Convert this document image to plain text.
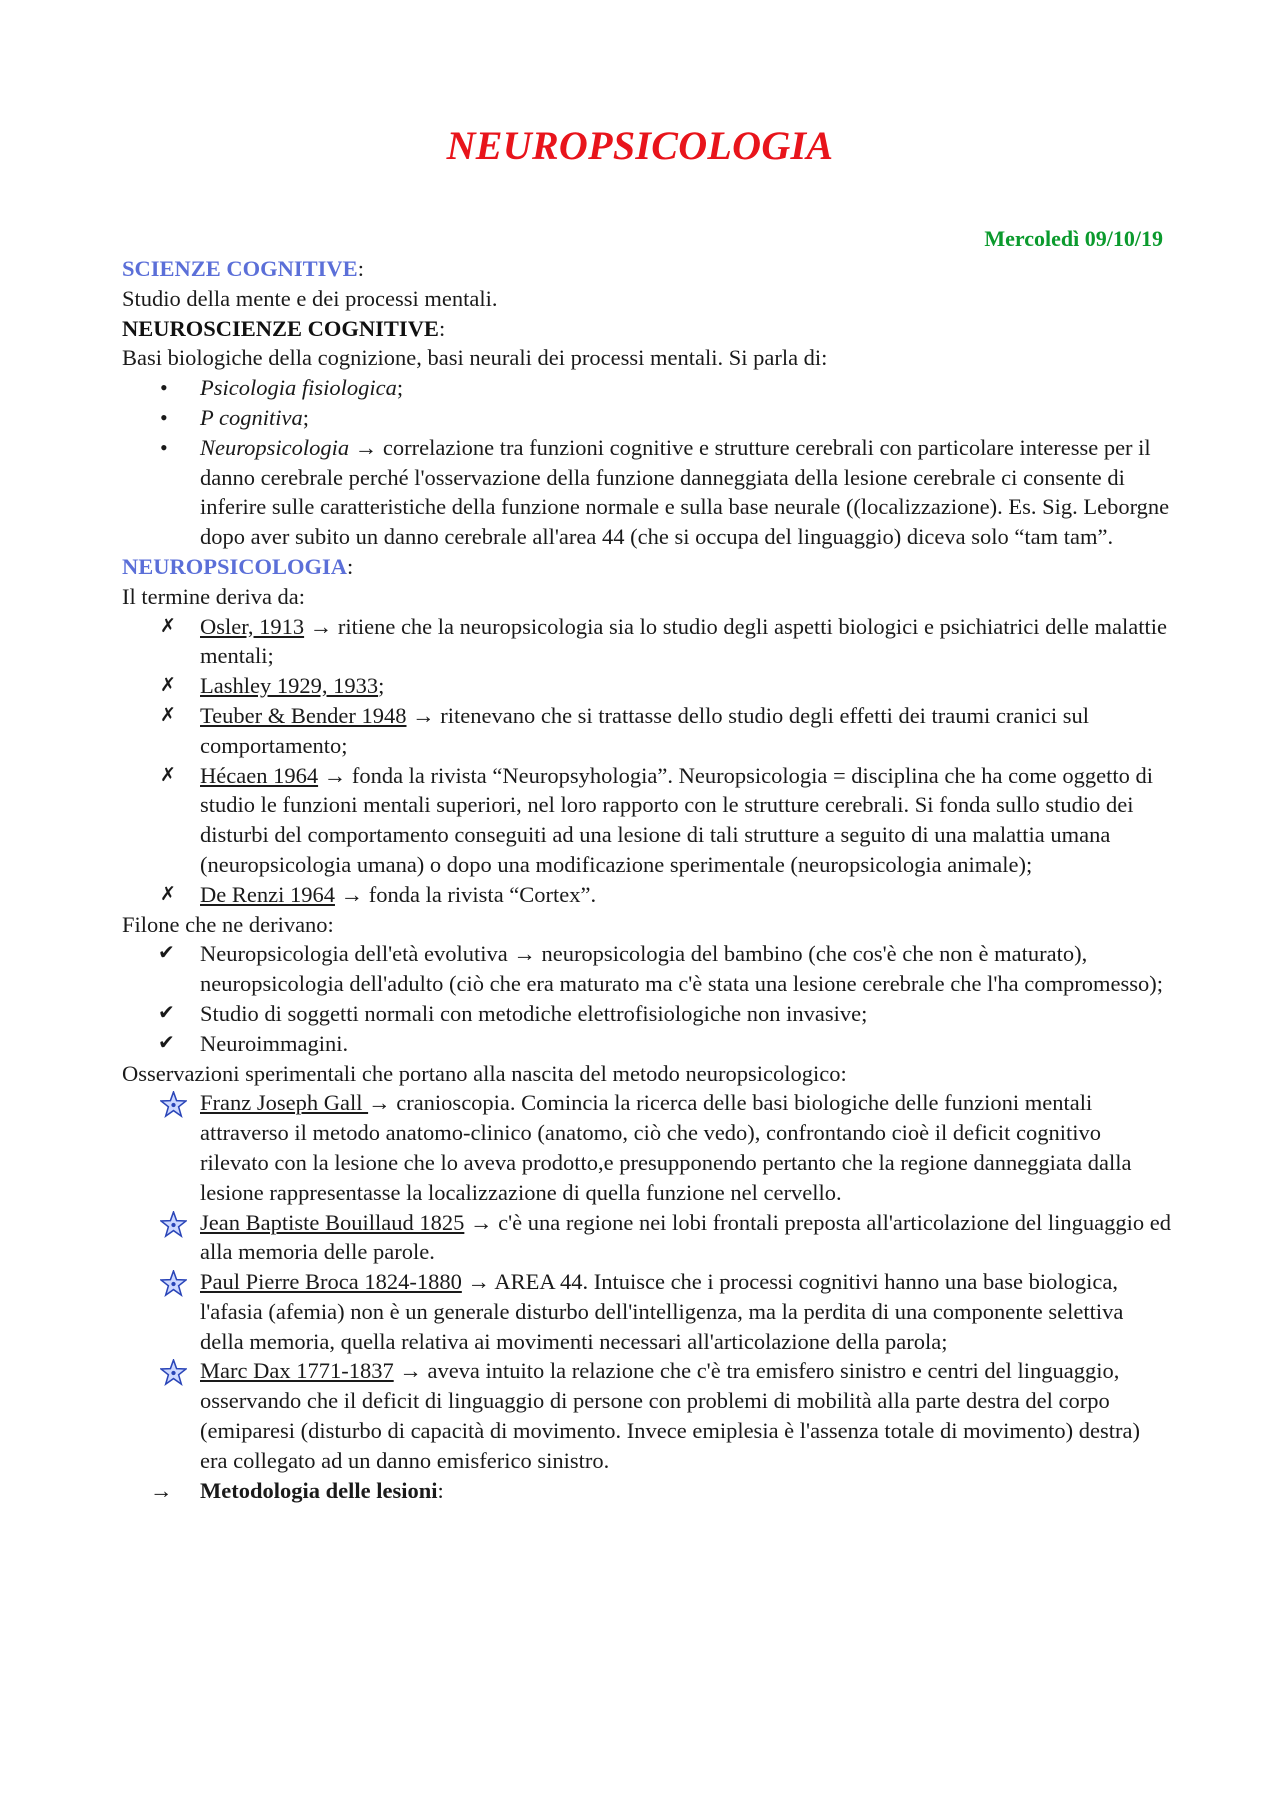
NEUROPSICOLOGIA
Mercoledì 09/10/19

SCIENZE COGNITIVE:

Studio della mente e dei processi mentali.

NEUROSCIENZE COGNITIVE:

Basi biologiche della cognizione, basi neurali dei processi mentali. Si parla di:

•	Psicologia fisiologica;
•	P cognitiva;
•	Neuropsicologia → correlazione tra funzioni cognitive e strutture cerebrali con particolare interesse per il danno cerebrale perché l'osservazione della funzione danneggiata della lesione cerebrale ci consente di inferire sulle caratteristiche della funzione normale e sulla base neurale ((localizzazione). Es. Sig. Leborgne dopo aver subito un danno cerebrale all'area 44 (che si occupa del linguaggio) diceva solo “tam tam”.

NEUROPSICOLOGIA:

Il termine deriva da:

✗	Osler, 1913 → ritiene che la neuropsicologia sia lo studio degli aspetti biologici e psichiatrici delle malattie mentali;
✗	Lashley 1929, 1933;
✗	Teuber & Bender 1948 → ritenevano che si trattasse dello studio degli effetti dei traumi cranici sul comportamento;
✗	Hécaen 1964 → fonda la rivista “Neuropsyhologia”. Neuropsicologia = disciplina che ha come oggetto di studio le funzioni mentali superiori, nel loro rapporto con le strutture cerebrali. Si fonda sullo studio dei disturbi del comportamento conseguiti ad una lesione di tali strutture a seguito di una malattia umana (neuropsicologia umana) o dopo una modificazione sperimentale (neuropsicologia animale);
✗	De Renzi 1964 → fonda la rivista “Cortex”.

Filone che ne derivano:

✔	Neuropsicologia dell'età evolutiva → neuropsicologia del bambino (che cos'è che non è maturato), neuropsicologia dell'adulto (ciò che era maturato ma c'è stata una lesione cerebrale che l'ha compromesso);
✔	Studio di soggetti normali con metodiche elettrofisiologiche non invasive;
✔	Neuroimmagini.

Osservazioni sperimentali che portano alla nascita del metodo neuropsicologico:

Franz Joseph Gall → cranioscopia. Comincia la ricerca delle basi biologiche delle funzioni mentali attraverso il metodo anatomo-clinico (anatomo, ciò che vedo), confrontando cioè il deficit cognitivo rilevato con la lesione che lo aveva prodotto,e presupponendo pertanto che la regione danneggiata dalla lesione rappresentasse la localizzazione di quella funzione nel cervello.
Jean Baptiste Bouillaud 1825 → c'è una regione nei lobi frontali preposta all'articolazione del linguaggio ed alla memoria delle parole.
Paul Pierre Broca 1824-1880 → AREA 44. Intuisce che i processi cognitivi hanno una base biologica, l'afasia (afemia) non è un generale disturbo dell'intelligenza, ma la perdita di una componente selettiva della memoria, quella relativa ai movimenti necessari all'articolazione della parola;
Marc Dax 1771-1837 → aveva intuito la relazione che c'è tra emisfero sinistro e centri del linguaggio, osservando che il deficit di linguaggio di persone con problemi di mobilità alla parte destra del corpo (emiparesi (disturbo di capacità di movimento. Invece emiplesia è l'assenza totale di movimento) destra) era collegato ad un danno emisferico sinistro.
→	Metodologia delle lesioni:
